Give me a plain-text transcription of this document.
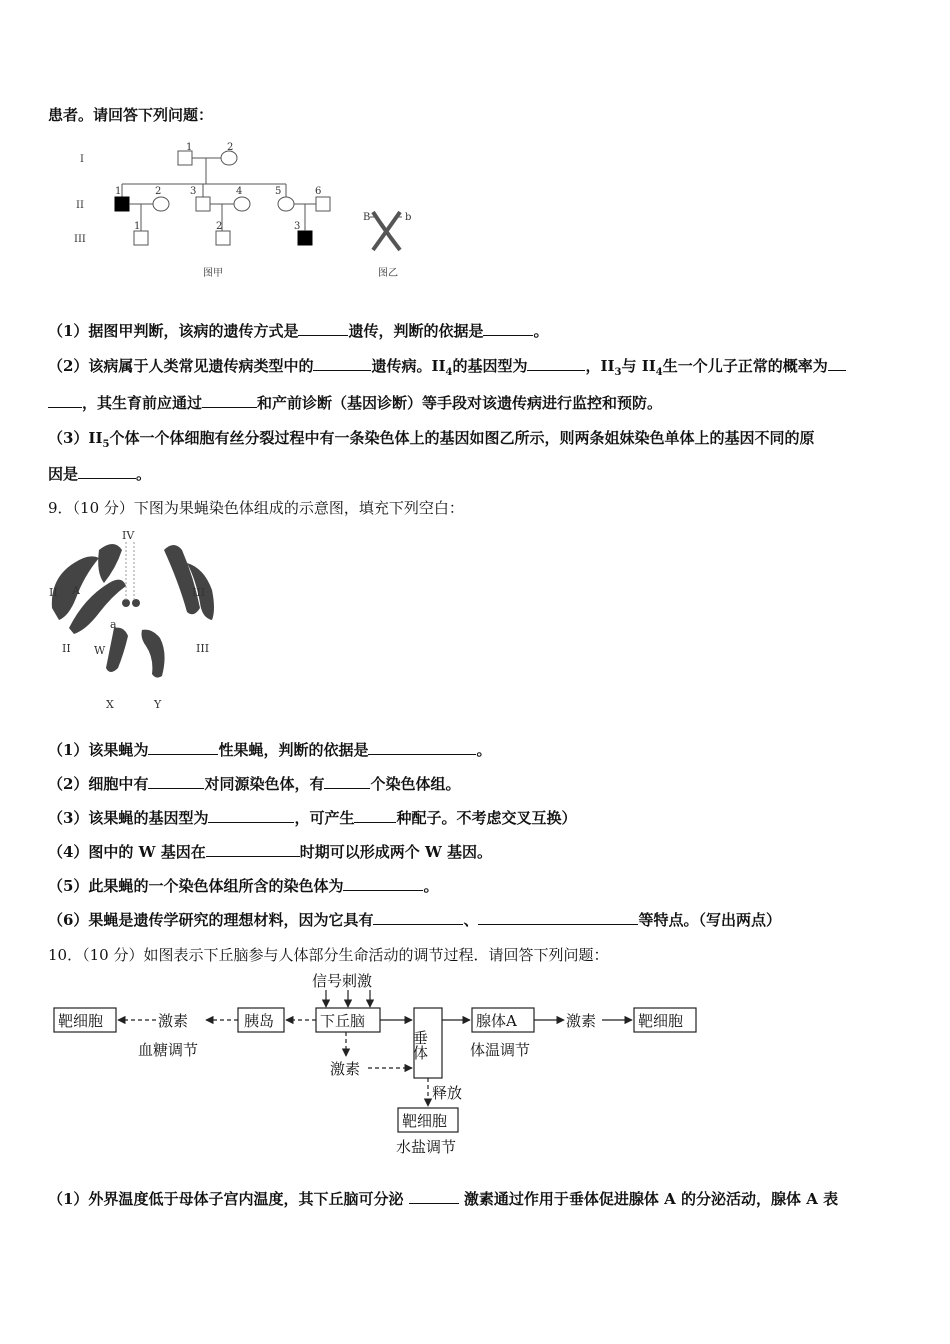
患者。请回答下列问题：
I
II
III
1	2
1	2	3	4	5	6
1	2	3
B	b
图甲	图乙
（1）据图甲判断，该病的遗传方式是	遗传，判断的依据是	。
（2）该病属于人类常见遗传病类型中的	遗传病。$II_4$的基因型为	，$II_3$与 $II_4$生一个儿子正常的概率为
，其生育前应通过	和产前诊断（基因诊断）等手段对该遗传病进行监控和预防。
$(3)II_5$个体一个体细胞有丝分裂过程中有一条染色体上的基因如图乙所示，则两条姐妹染色单体上的基因不同的原
因是	。
9．（10 分）下图为果蝇染色体组成的示意图，填充下列空白：
IV
II	III
A
a
II	III
W
X	Y
（1）该果蝇为	性果蝇，判断的依据是	。
（2）细胞中有	对同源染色体，有	个染色体组。
（3）该果蝇的基因型为	，可产生	种配子。不考虑交叉互换）
（4）图中的 W 基因在	时期可以形成两个 W 基因。
（5）此果蝇的一个染色体组所含的染色体为	。
（6）果蝇是遗传学研究的理想材料，因为它具有	、	等特点。（写出两点）
10．（10 分）如图表示下丘脑参与人体部分生命活动的调节过程．请回答下列问题：
信号刺激
靶细胞	激素
血糖调节
胰岛	下丘脑
激素
垂体
腺体A
体温调节
激素	靶细胞
释放
靶细胞
水盐调节
（1）外界温度低于母体子宫内温度，其下丘脑可分泌	激素通过作用于垂体促进腺体 A 的分泌活动，腺体 A 表
